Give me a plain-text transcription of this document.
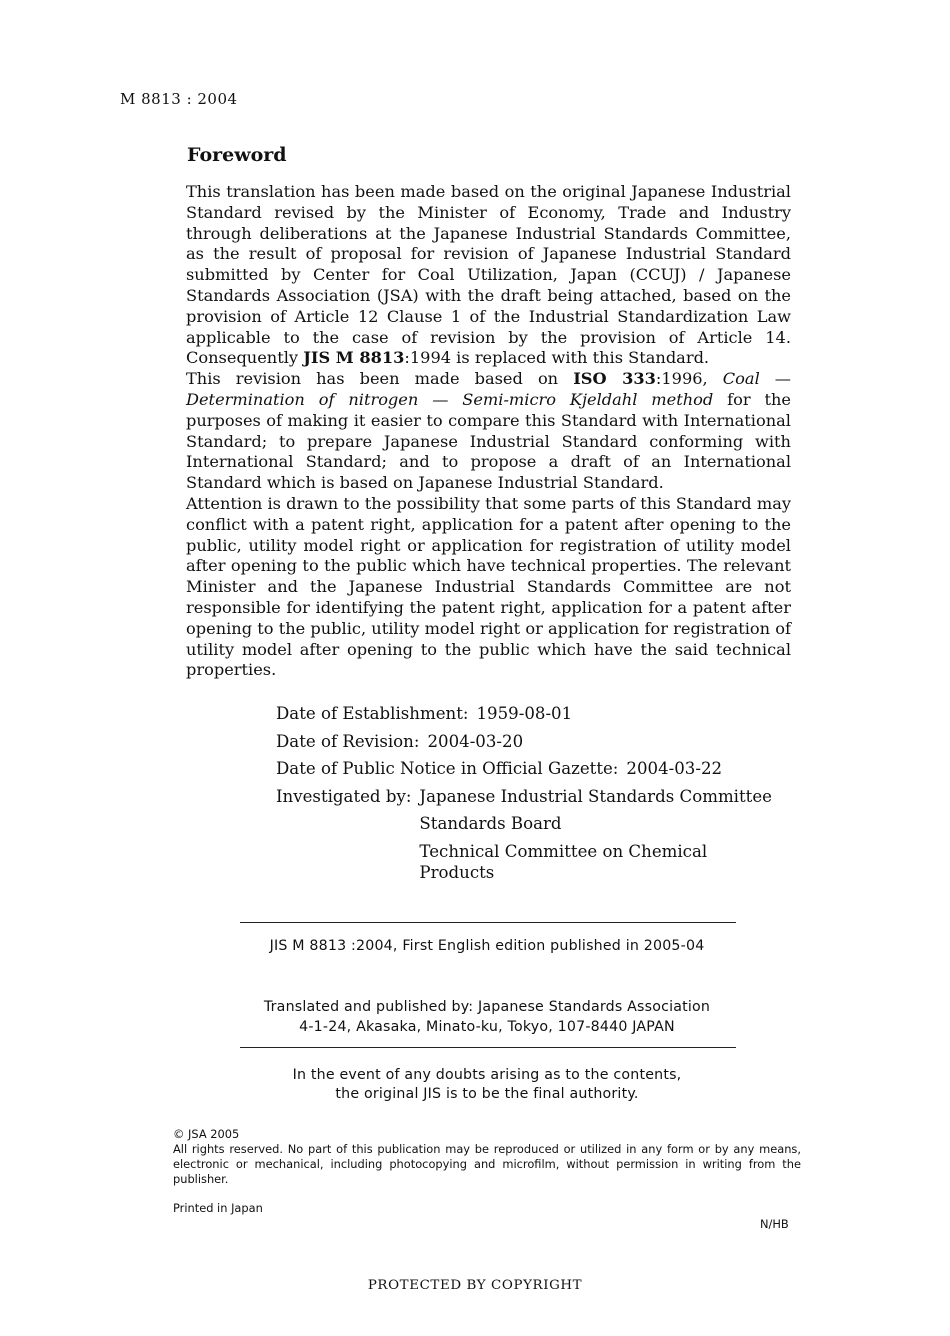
M 8813 : 2004
Foreword

This translation has been made based on the original Japanese Industrial Standard revised by the Minister of Economy, Trade and Industry through deliberations at the Japanese Industrial Standards Committee, as the result of proposal for revision of Japanese Industrial Standard submitted by Center for Coal Utilization, Japan (CCUJ) / Japanese Standards Association (JSA) with the draft being attached, based on the provision of Article 12 Clause 1 of the Industrial Standardization Law applicable to the case of revision by the provision of Article 14. Consequently JIS M 8813:1994 is replaced with this Standard.

This revision has been made based on ISO 333:1996, Coal — Determination of nitrogen — Semi-micro Kjeldahl method for the purposes of making it easier to compare this Standard with International Standard; to prepare Japanese Industrial Standard conforming with International Standard; and to propose a draft of an International Standard which is based on Japanese Industrial Standard.

Attention is drawn to the possibility that some parts of this Standard may conflict with a patent right, application for a patent after opening to the public, utility model right or application for registration of utility model after opening to the public which have technical properties. The relevant Minister and the Japanese Industrial Standards Committee are not responsible for identifying the patent right, application for a patent after opening to the public, utility model right or application for registration of utility model after opening to the public which have the said technical properties.

Date of Establishment: 1959-08-01
Date of Revision: 2004-03-20
Date of Public Notice in Official Gazette: 2004-03-22
Investigated by: Japanese Industrial Standards Committee
Standards Board
Technical Committee on Chemical Products
JIS M 8813 :2004, First English edition published in 2005-04
Translated and published by: Japanese Standards Association
4-1-24, Akasaka, Minato-ku, Tokyo, 107-8440 JAPAN
In the event of any doubts arising as to the contents,
the original JIS is to be the final authority.
© JSA 2005
All rights reserved. No part of this publication may be reproduced or utilized in any form or by any means, electronic or mechanical, including photocopying and microfilm, without permission in writing from the publisher.
Printed in Japan
N/HB
PROTECTED BY COPYRIGHT
